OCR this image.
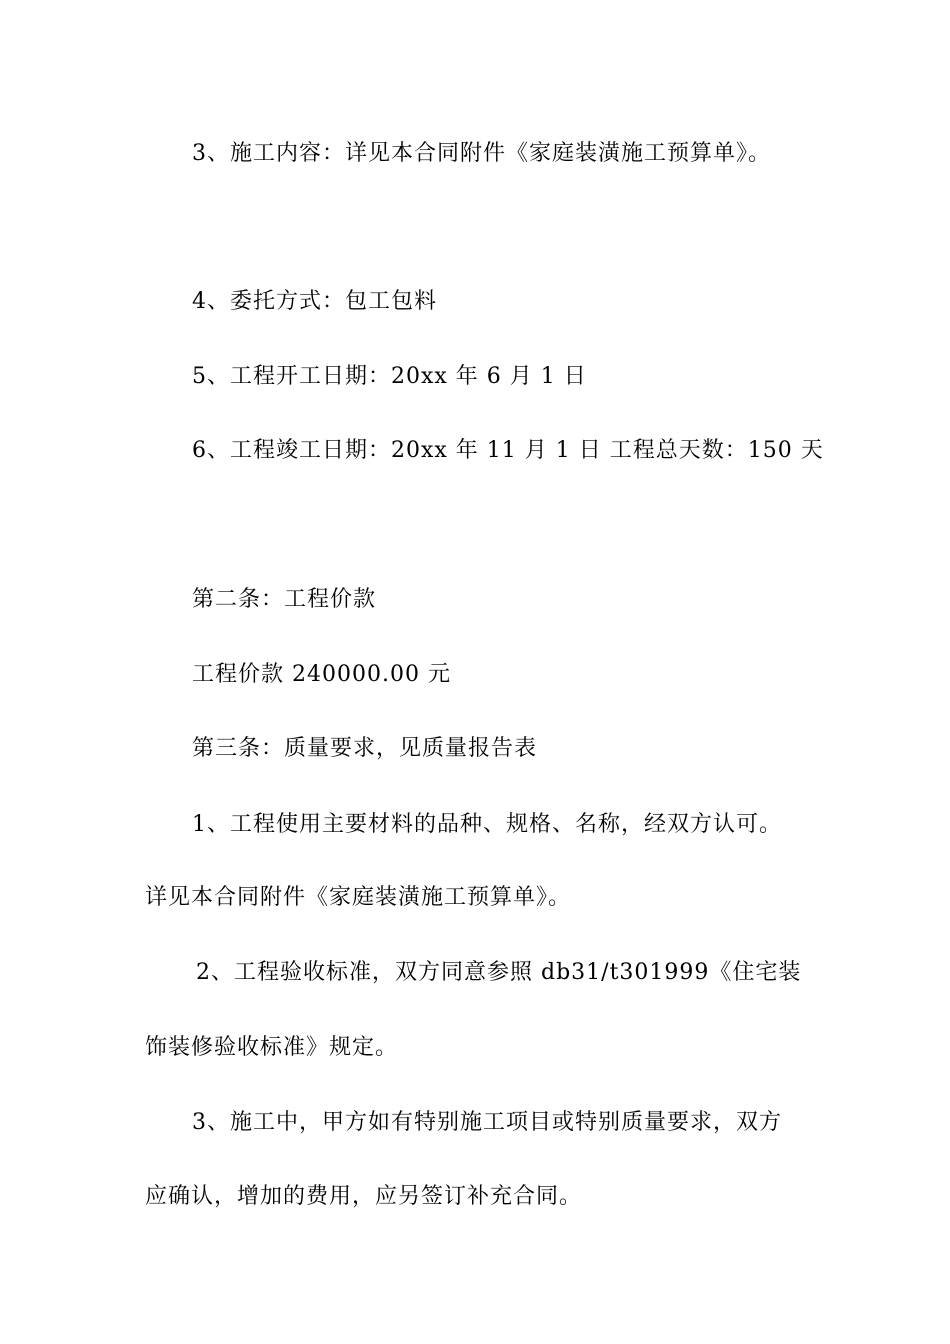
3、施工内容：详见本合同附件《家庭装潢施工预算单》。

4、委托方式：包工包料

5、工程开工日期：20xx 年 6 月 1 日

6、工程竣工日期：20xx 年 11 月 1 日 工程总天数：150 天

第二条：工程价款

工程价款 240000.00 元

第三条：质量要求，见质量报告表

1、工程使用主要材料的品种、规格、名称，经双方认可。

详见本合同附件《家庭装潢施工预算单》。

2、工程验收标准，双方同意参照 db31/t301999《住宅装

饰装修验收标准》规定。

3、施工中，甲方如有特别施工项目或特别质量要求，双方

应确认，增加的费用，应另签订补充合同。
